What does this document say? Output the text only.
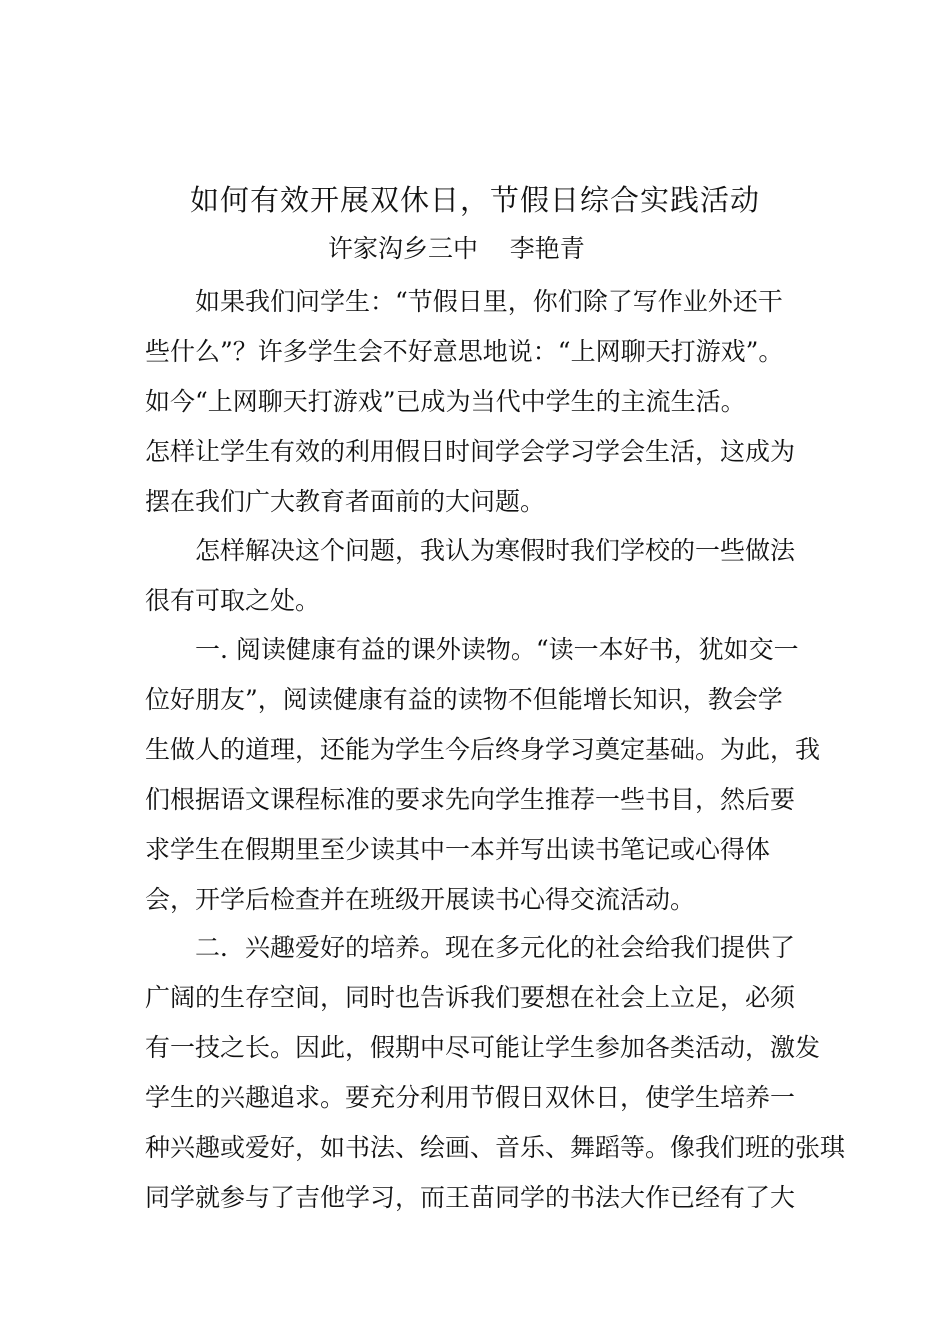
如何有效开展双休日，节假日综合实践活动
许家沟乡三中    李艳青
　　如果我们问学生：“节假日里，你们除了写作业外还干
些什么”？许多学生会不好意思地说：“上网聊天打游戏”。
如今“上网聊天打游戏”已成为当代中学生的主流生活。
怎样让学生有效的利用假日时间学会学习学会生活，这成为
摆在我们广大教育者面前的大问题。
　　怎样解决这个问题，我认为寒假时我们学校的一些做法
很有可取之处。
　　一. 阅读健康有益的课外读物。“读一本好书，犹如交一
位好朋友”，阅读健康有益的读物不但能增长知识，教会学
生做人的道理，还能为学生今后终身学习奠定基础。为此，我
们根据语文课程标准的要求先向学生推荐一些书目，然后要
求学生在假期里至少读其中一本并写出读书笔记或心得体
会，开学后检查并在班级开展读书心得交流活动。
　　二．兴趣爱好的培养。现在多元化的社会给我们提供了
广阔的生存空间，同时也告诉我们要想在社会上立足，必须
有一技之长。因此，假期中尽可能让学生参加各类活动，激发
学生的兴趣追求。要充分利用节假日双休日，使学生培养一
种兴趣或爱好，如书法、绘画、音乐、舞蹈等。像我们班的张琪
同学就参与了吉他学习，而王苗同学的书法大作已经有了大
